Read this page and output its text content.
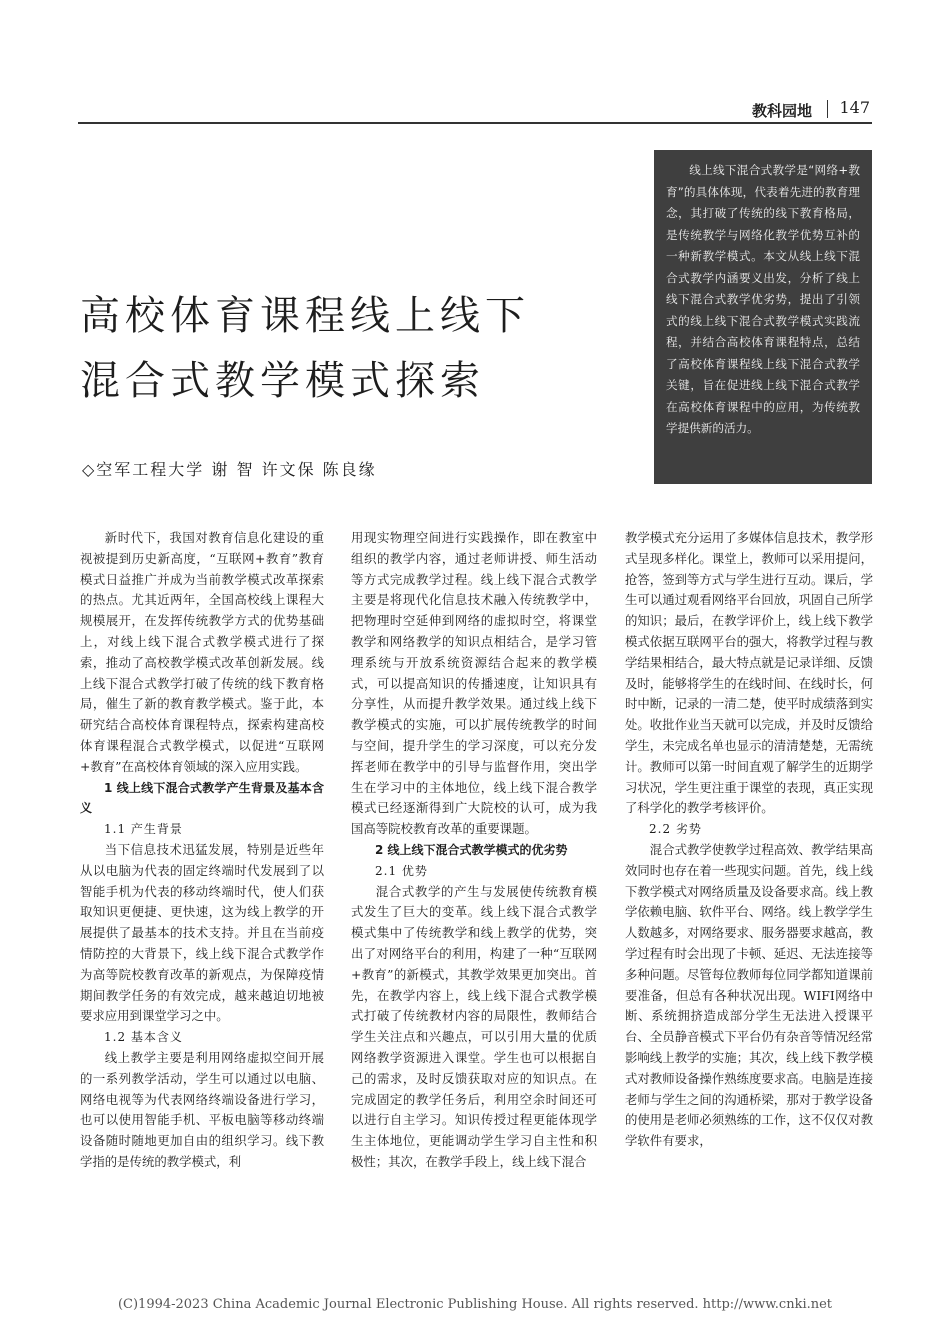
教科园地 147
高校体育课程线上线下
混合式教学模式探索
◇空军工程大学 谢 智 许文保 陈良缘
线上线下混合式教学是“网络+教育”的具体体现，代表着先进的教育理念，其打破了传统的线下教育格局，是传统教学与网络化教学优势互补的一种新教学模式。本文从线上线下混合式教学内涵要义出发，分析了线上线下混合式教学优劣势，提出了引领式的线上线下混合式教学模式实践流程，并结合高校体育课程特点，总结了高校体育课程线上线下混合式教学关键，旨在促进线上线下混合式教学在高校体育课程中的应用，为传统教学提供新的活力。

新时代下，我国对教育信息化建设的重视被提到历史新高度，“互联网+教育”教育模式日益推广并成为当前教学模式改革探索的热点。尤其近两年，全国高校线上课程大规模展开，在发挥传统教学方式的优势基础上，对线上线下混合式教学模式进行了探索，推动了高校教学模式改革创新发展。线上线下混合式教学打破了传统的线下教育格局，催生了新的教育教学模式。鉴于此，本研究结合高校体育课程特点，探索构建高校体育课程混合式教学模式，以促进“互联网+教育”在高校体育领域的深入应用实践。

1 线上线下混合式教学产生背景及基本含义
1.1 产生背景

当下信息技术迅猛发展，特别是近些年从以电脑为代表的固定终端时代发展到了以智能手机为代表的移动终端时代，使人们获取知识更便捷、更快速，这为线上教学的开展提供了最基本的技术支持。并且在当前疫情防控的大背景下，线上线下混合式教学作为高等院校教育改革的新观点，为保障疫情期间教学任务的有效完成，越来越迫切地被要求应用到课堂学习之中。

1.2 基本含义

线上教学主要是利用网络虚拟空间开展的一系列教学活动，学生可以通过以电脑、网络电视等为代表网络终端设备进行学习，也可以使用智能手机、平板电脑等移动终端设备随时随地更加自由的组织学习。线下教学指的是传统的教学模式，利

用现实物理空间进行实践操作，即在教室中组织的教学内容，通过老师讲授、师生活动等方式完成教学过程。线上线下混合式教学主要是将现代化信息技术融入传统教学中，把物理时空延伸到网络的虚拟时空，将课堂教学和网络教学的知识点相结合，是学习管理系统与开放系统资源结合起来的教学模式，可以提高知识的传播速度，让知识具有分享性，从而提升教学效果。通过线上线下教学模式的实施，可以扩展传统教学的时间与空间，提升学生的学习深度，可以充分发挥老师在教学中的引导与监督作用，突出学生在学习中的主体地位，线上线下混合教学模式已经逐渐得到广大院校的认可，成为我国高等院校教育改革的重要课题。

2 线上线下混合式教学模式的优劣势
2.1 优势

混合式教学的产生与发展使传统教育模式发生了巨大的变革。线上线下混合式教学模式集中了传统教学和线上教学的优势，突出了对网络平台的利用，构建了一种“互联网+教育”的新模式，其教学效果更加突出。首先，在教学内容上，线上线下混合式教学模式打破了传统教材内容的局限性，教师结合学生关注点和兴趣点，可以引用大量的优质网络教学资源进入课堂。学生也可以根据自己的需求，及时反馈获取对应的知识点。在完成固定的教学任务后，利用空余时间还可以进行自主学习。知识传授过程更能体现学生主体地位，更能调动学生学习自主性和积极性；其次，在教学手段上，线上线下混合

教学模式充分运用了多媒体信息技术，教学形式呈现多样化。课堂上，教师可以采用提问，抢答，签到等方式与学生进行互动。课后，学生可以通过观看网络平台回放，巩固自己所学的知识；最后，在教学评价上，线上线下教学模式依据互联网平台的强大，将教学过程与教学结果相结合，最大特点就是记录详细、反馈及时，能够将学生的在线时间、在线时长，何时中断，记录的一清二楚，使平时成绩落到实处。收批作业当天就可以完成，并及时反馈给学生，未完成名单也显示的清清楚楚，无需统计。教师可以第一时间直观了解学生的近期学习状况，学生更注重于课堂的表现，真正实现了科学化的教学考核评价。

2.2 劣势

混合式教学使教学过程高效、教学结果高效同时也存在着一些现实问题。首先，线上线下教学模式对网络质量及设备要求高。线上教学依赖电脑、软件平台、网络。线上教学学生人数越多，对网络要求、服务器要求越高，教学过程有时会出现了卡顿、延迟、无法连接等多种问题。尽管每位教师每位同学都知道课前要准备，但总有各种状况出现。WIFI网络中断、系统拥挤造成部分学生无法进入授课平台、全员静音模式下平台仍有杂音等情况经常影响线上教学的实施；其次，线上线下教学模式对教师设备操作熟练度要求高。电脑是连接老师与学生之间的沟通桥梁，那对于教学设备的使用是老师必须熟练的工作，这不仅仅对教学软件有要求，

(C)1994-2023 China Academic Journal Electronic Publishing House. All rights reserved. http://www.cnki.net
